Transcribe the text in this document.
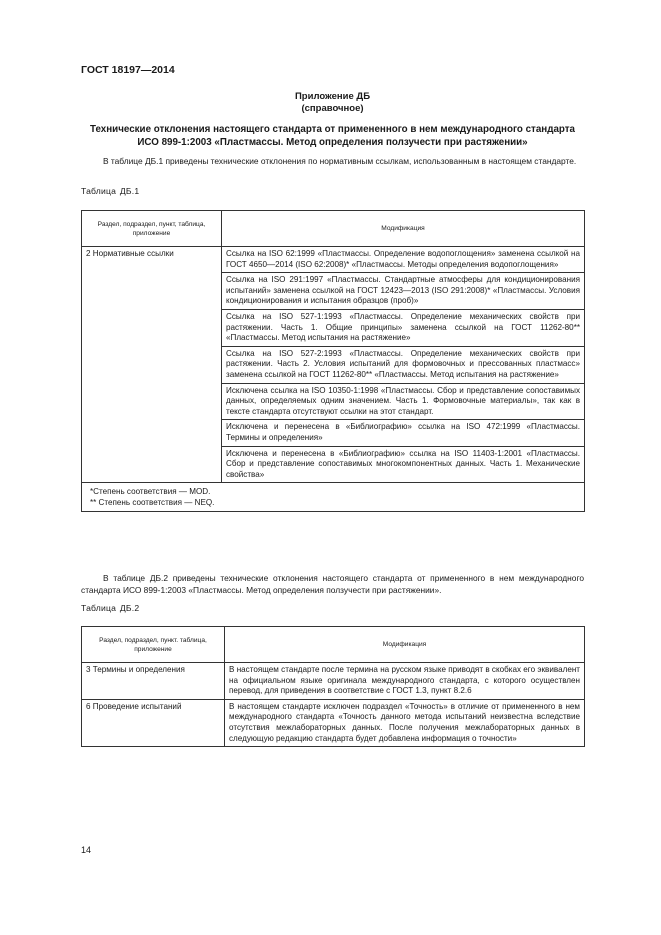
ГОСТ 18197—2014
Приложение ДБ
(справочное)
Технические отклонения настоящего стандарта от примененного в нем международного стандарта ИСО 899-1:2003 «Пластмассы. Метод определения ползучести при растяжении»
В таблице ДБ.1 приведены технические отклонения по нормативным ссылкам, использованным в настоящем стандарте.
Таблица ДБ.1
Раздел, подраздел, пункт, таблица, приложение	Модификация
2 Нормативные ссылки	Ссылка на ISO 62:1999 «Пластмассы. Определение водопоглощения» заменена ссылкой на ГОСТ 4650—2014 (ISO 62:2008)* «Пластмассы. Методы определения водопоглощения»
	Ссылка на ISO 291:1997 «Пластмассы. Стандартные атмосферы для кондиционирования испытаний» заменена ссылкой на ГОСТ 12423—2013 (ISO 291:2008)* «Пластмассы. Условия кондиционирования и испытания образцов (проб)»
	Ссылка на ISO 527-1:1993 «Пластмассы. Определение механических свойств при растяжении. Часть 1. Общие принципы» заменена ссылкой на ГОСТ 11262-80** «Пластмассы. Метод испытания на растяжение»
	Ссылка на ISO 527-2:1993 «Пластмассы. Определение механических свойств при растяжении. Часть 2. Условия испытаний для формовочных и прессованных пластмасс» заменена ссылкой на ГОСТ 11262-80** «Пластмассы. Метод испытания на растяжение»
	Исключена ссылка на ISO 10350-1:1998 «Пластмассы. Сбор и представление сопоставимых данных, определяемых одним значением. Часть 1. Формовочные материалы», так как в тексте стандарта отсутствуют ссылки на этот стандарт.
	Исключена и перенесена в «Библиографию» ссылка на ISO 472:1999 «Пластмассы. Термины и определения»
	Исключена и перенесена в «Библиографию» ссылка на ISO 11403-1:2001 «Пластмассы. Сбор и представление сопоставимых многокомпонентных данных. Часть 1. Механические свойства»

*Степень соответствия — MOD.
** Степень соответствия — NEQ.	
В таблице ДБ.2 приведены технические отклонения настоящего стандарта от примененного в нем международного стандарта ИСО 899-1:2003 «Пластмассы. Метод определения ползучести при растяжении».
Таблица ДБ.2
Раздел, подраздел, пункт. таблица, приложение	Модификация
3 Термины и определения	В настоящем стандарте после термина на русском языке приводят в скобках его эквивалент на официальном языке оригинала международного стандарта, с которого осуществлен перевод, для приведения в соответствие с ГОСТ 1.3, пункт 8.2.6
6 Проведение испытаний	В настоящем стандарте исключен подраздел «Точность» в отличие от примененного в нем международного стандарта «Точность данного метода испытаний неизвестна вследствие отсутствия межлабораторных данных. После получения межлабораторных данных в следующую редакцию стандарта будет добавлена информация о точности»
14
